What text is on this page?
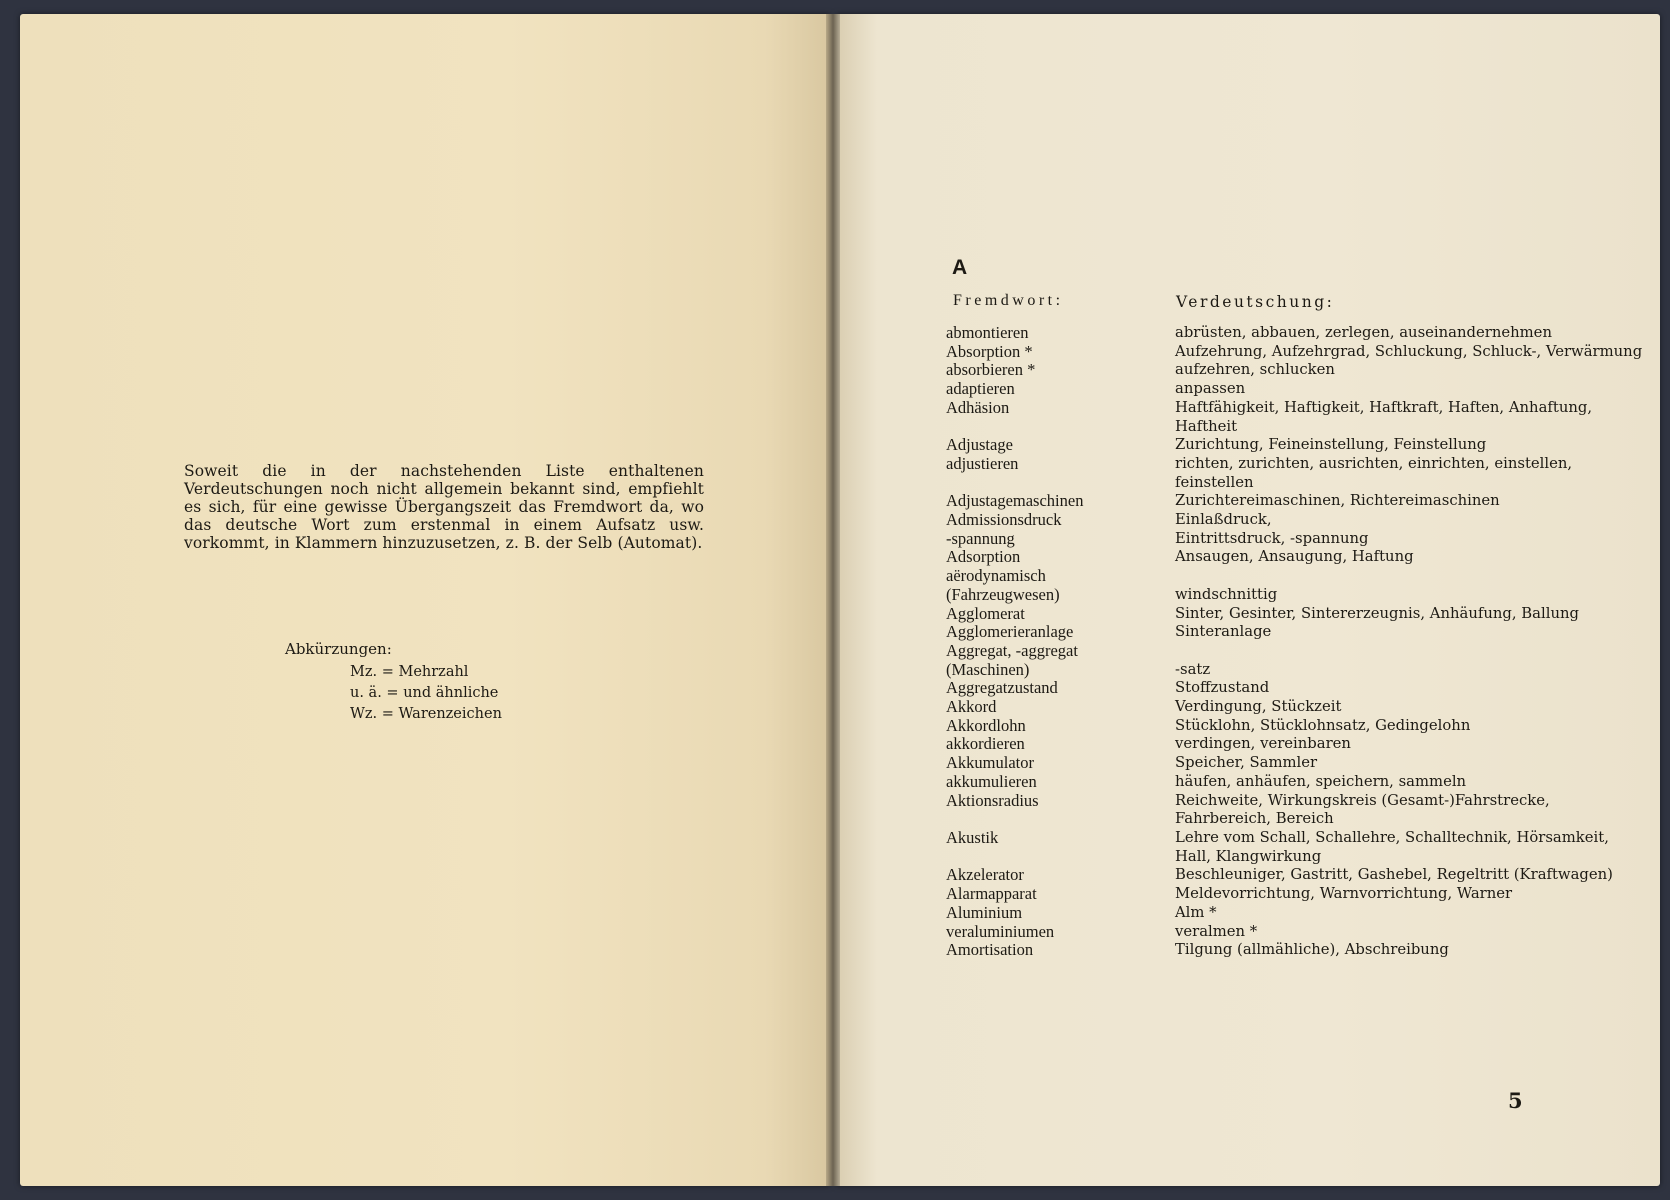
Soweit die in der nachstehenden Liste enthaltenen Verdeutschungen noch nicht allgemein bekannt sind, empfiehlt es sich, für eine gewisse Übergangszeit das Fremdwort da, wo das deutsche Wort zum erstenmal in einem Aufsatz usw. vorkommt, in Klammern hinzuzusetzen, z. B. der Selb (Automat).
Abkürzungen:
Mz. = Mehrzahl
u. ä. = und ähnliche
Wz. = Warenzeichen
A
Fremdwort:	Verdeutschung:
abmontieren	abrüsten, abbauen, zerlegen, auseinandernehmen
Absorption *	Aufzehrung, Aufzehrgrad, Schluckung, Schluck-, Verwärmung
absorbieren *	aufzehren, schlucken
adaptieren	anpassen
Adhäsion	Haftfähigkeit, Haftigkeit, Haftkraft, Haften, Anhaftung, Haftheit
Adjustage	Zurichtung, Feineinstellung, Feinstellung
adjustieren	richten, zurichten, ausrichten, einrichten, einstellen, feinstellen
Adjustagemaschinen	Zurichtereimaschinen, Richtereimaschinen
Admissionsdruck	Einlaßdruck,
-spannung	Eintrittsdruck, -spannung
Adsorption	Ansaugen, Ansaugung, Haftung
aërodynamisch
(Fahrzeugwesen)	windschnittig
Agglomerat	Sinter, Gesinter, Sintererzeugnis, Anhäufung, Ballung
Agglomerieranlage	Sinteranlage
Aggregat, -aggregat
(Maschinen)	-satz
Aggregatzustand	Stoffzustand
Akkord	Verdingung, Stückzeit
Akkordlohn	Stücklohn, Stücklohnsatz, Gedingelohn
akkordieren	verdingen, vereinbaren
Akkumulator	Speicher, Sammler
akkumulieren	häufen, anhäufen, speichern, sammeln
Aktionsradius	Reichweite, Wirkungskreis (Gesamt-)Fahrstrecke, Fahrbereich, Bereich
Akustik	Lehre vom Schall, Schallehre, Schalltechnik, Hörsamkeit, Hall, Klangwirkung
Akzelerator	Beschleuniger, Gastritt, Gashebel, Regeltritt (Kraftwagen)
Alarmapparat	Meldevorrichtung, Warnvorrichtung, Warner
Aluminium	Alm *
veraluminiumen	veralmen *
Amortisation	Tilgung (allmähliche), Abschreibung
5
